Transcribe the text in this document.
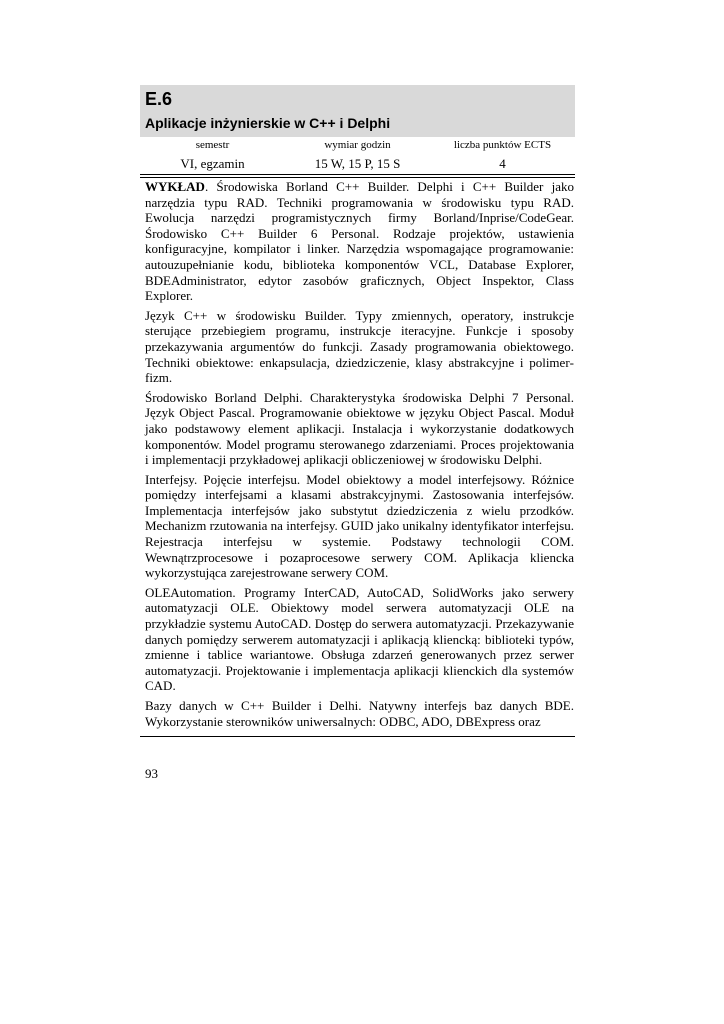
E.6
Aplikacje inżynierskie w C++ i Delphi
semestr	wymiar godzin	liczba punktów ECTS
VI, egzamin	15 W, 15 P, 15 S	4

WYKŁAD. Środowiska Borland C++ Builder. Delphi i C++ Builder jako narzędzia typu RAD. Techniki programowania w środowisku typu RAD. Ewolucja narzędzi programistycznych firmy Borland/Inprise/CodeGear. Środowisko C++ Builder 6 Personal. Rodzaje projektów, ustawienia konfiguracyjne, kompilator i linker. Narzędzia wspomagające programowanie: autouzupełnianie kodu, biblioteka komponentów VCL, Database Explorer, BDEAdministrator, edytor zasobów graficznych, Object Inspektor, Class Explorer.

Język C++ w środowisku Builder. Typy zmiennych, operatory, instrukcje sterujące przebiegiem programu, instrukcje iteracyjne. Funkcje i sposoby przekazywania argumentów do funkcji. Zasady programowania obiektowego. Techniki obiektowe: enkapsulacja, dziedziczenie, klasy abstrakcyjne i polimerfizm.

Środowisko Borland Delphi. Charakterystyka środowiska Delphi 7 Personal. Język Object Pascal. Programowanie obiektowe w języku Object Pascal. Moduł jako podstawowy element aplikacji. Instalacja i wykorzystanie dodatkowych komponentów. Model programu sterowanego zdarzeniami. Proces projektowania i implementacji przykładowej aplikacji obliczeniowej w środowisku Delphi.

Interfejsy. Pojęcie interfejsu. Model obiektowy a model interfejsowy. Różnice pomiędzy interfejsami a klasami abstrakcyjnymi. Zastosowania interfejsów. Implementacja interfejsów jako substytut dziedziczenia z wielu przodków. Mechanizm rzutowania na interfejsy. GUID jako unikalny identyfikator interfejsu. Rejestracja interfejsu w systemie. Podstawy technologii COM. Wewnątrzprocesowe i pozaprocesowe serwery COM. Aplikacja kliencka wykorzystująca zarejestrowane serwery COM.

OLEAutomation. Programy InterCAD, AutoCAD, SolidWorks jako serwery automatyzacji OLE. Obiektowy model serwera automatyzacji OLE na przykładzie systemu AutoCAD. Dostęp do serwera automatyzacji. Przekazywanie danych pomiędzy serwerem automatyzacji i aplikacją kliencką: biblioteki typów, zmienne i tablice wariantowe. Obsługa zdarzeń generowanych przez serwer automatyzacji. Projektowanie i implementacja aplikacji klienckich dla systemów CAD.

Bazy danych w C++ Builder i Delhi. Natywny interfejs baz danych BDE. Wykorzystanie sterowników uniwersalnych: ODBC, ADO, DBExpress oraz

93
